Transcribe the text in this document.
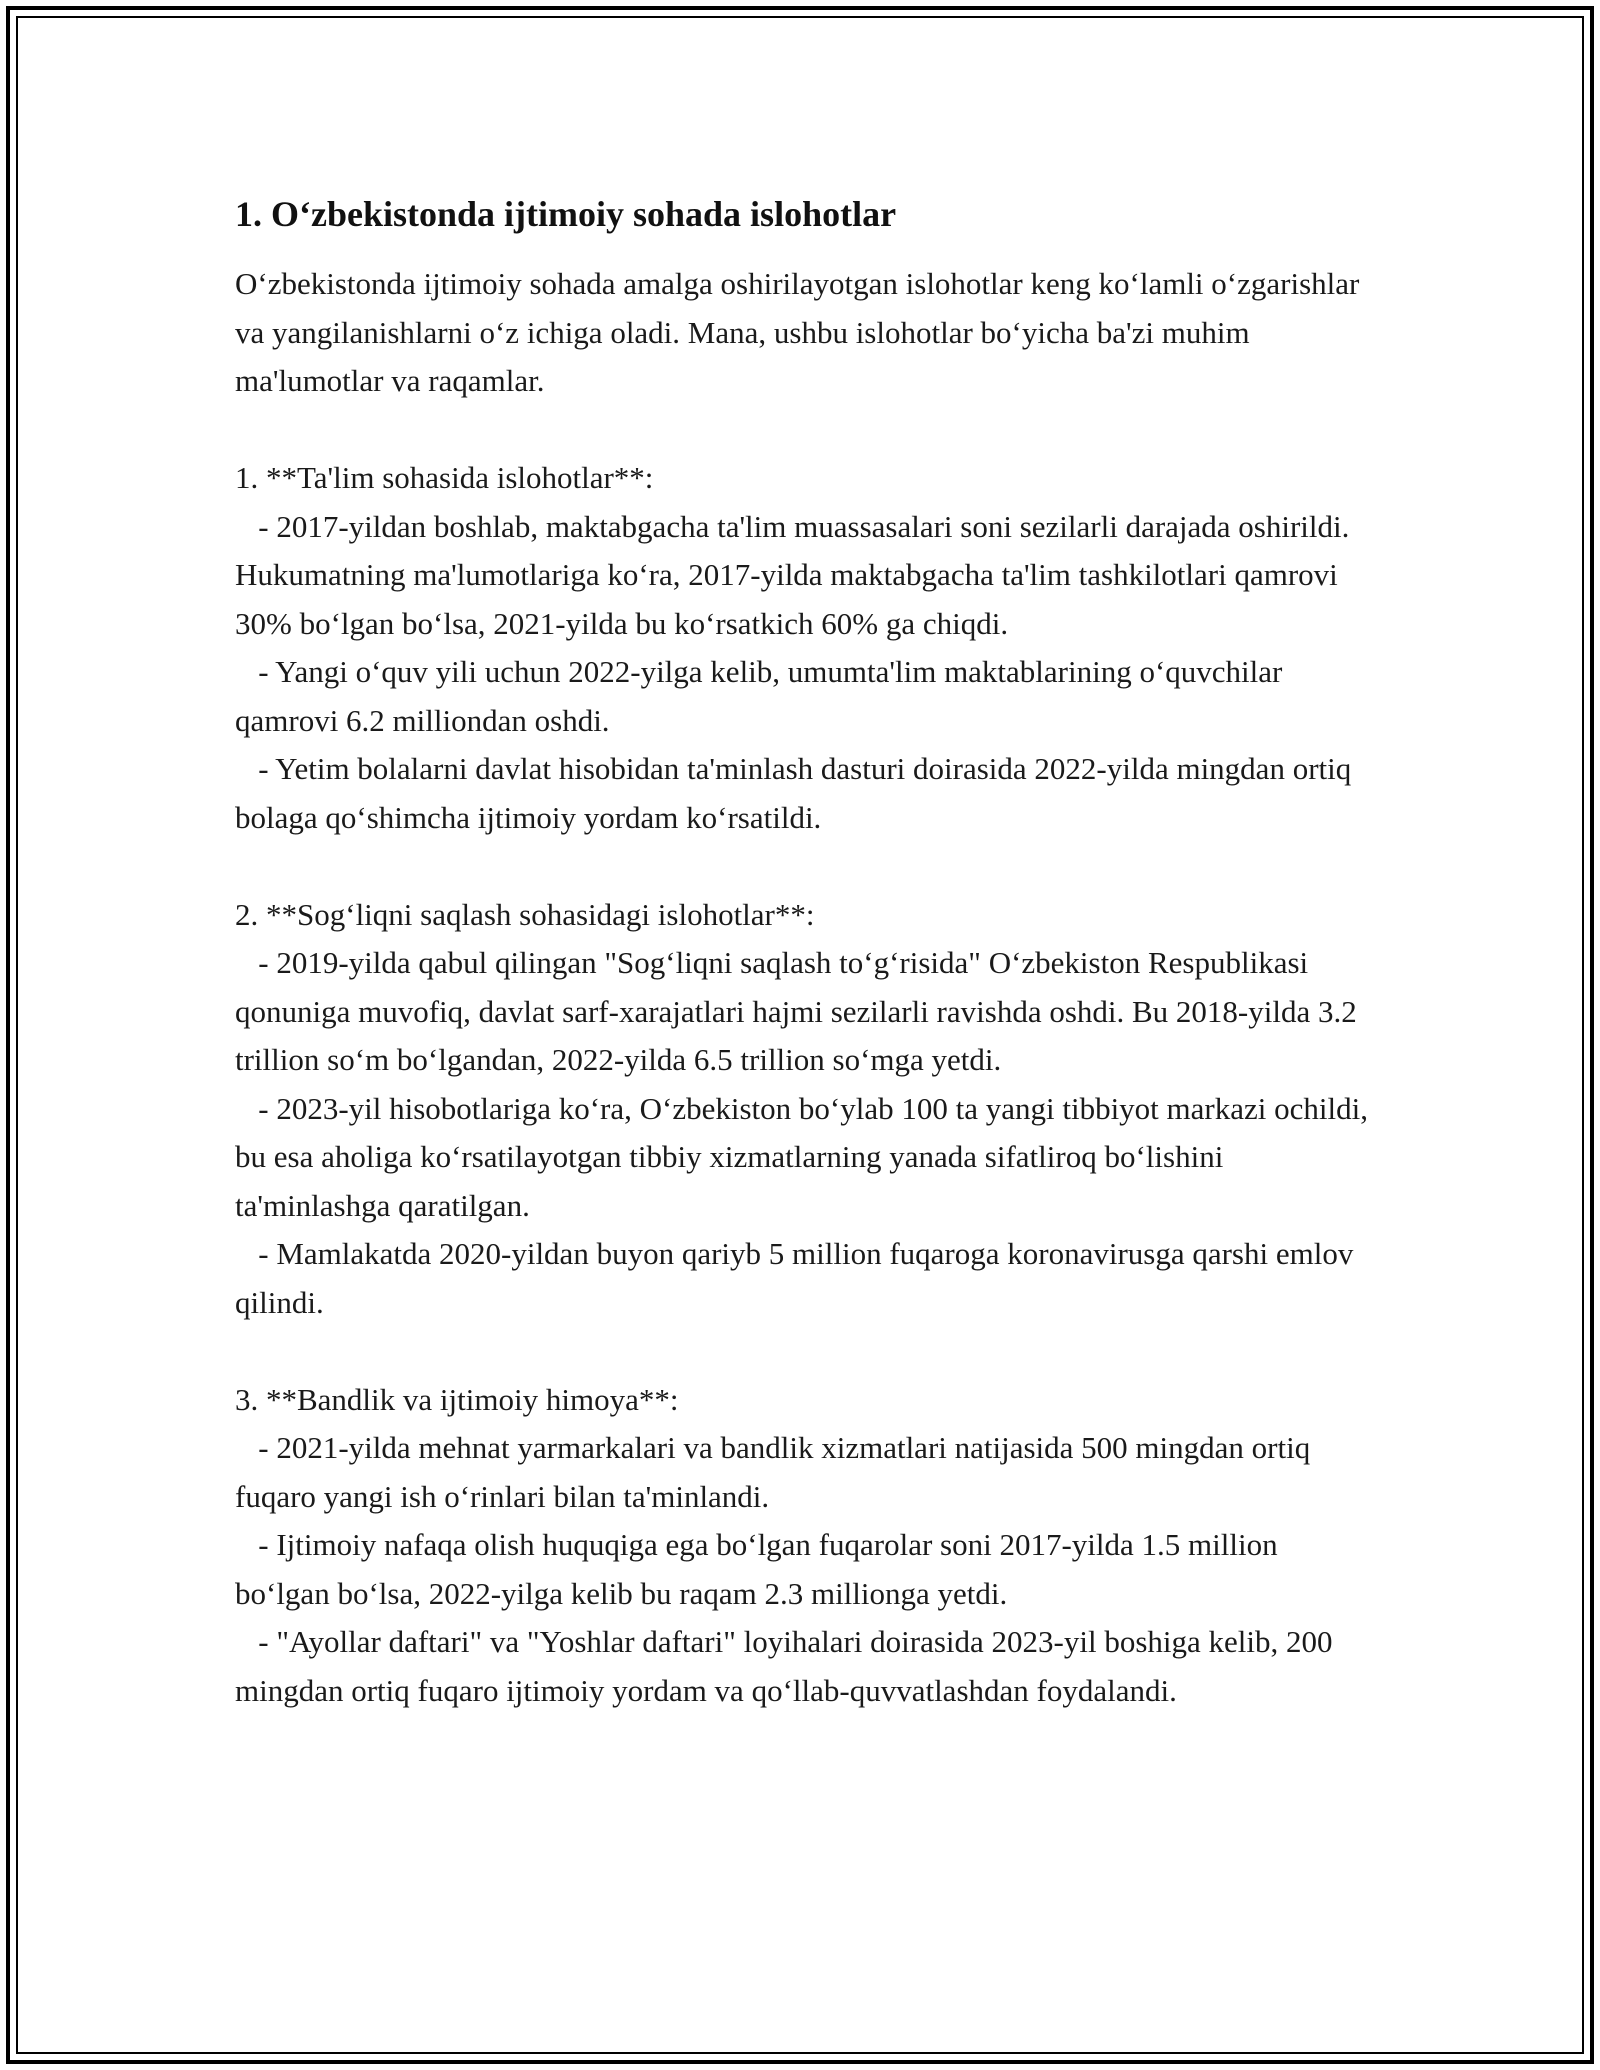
1. O‘zbekistonda ijtimoiy sohada islohotlar

O‘zbekistonda ijtimoiy sohada amalga oshirilayotgan islohotlar keng ko‘lamli o‘zgarishlar va yangilanishlarni o‘z ichiga oladi. Mana, ushbu islohotlar bo‘yicha ba'zi muhim ma'lumotlar va raqamlar.

1. **Ta'lim sohasida islohotlar**:

- 2017-yildan boshlab, maktabgacha ta'lim muassasalari soni sezilarli darajada oshirildi. Hukumatning ma'lumotlariga ko‘ra, 2017-yilda maktabgacha ta'lim tashkilotlari qamrovi 30% bo‘lgan bo‘lsa, 2021-yilda bu ko‘rsatkich 60% ga chiqdi.

- Yangi o‘quv yili uchun 2022-yilga kelib, umumta'lim maktablarining o‘quvchilar qamrovi 6.2 milliondan oshdi.

- Yetim bolalarni davlat hisobidan ta'minlash dasturi doirasida 2022-yilda mingdan ortiq bolaga qo‘shimcha ijtimoiy yordam ko‘rsatildi.

2. **Sog‘liqni saqlash sohasidagi islohotlar**:

- 2019-yilda qabul qilingan "Sog‘liqni saqlash to‘g‘risida" O‘zbekiston Respublikasi qonuniga muvofiq, davlat sarf-xarajatlari hajmi sezilarli ravishda oshdi. Bu 2018-yilda 3.2 trillion so‘m bo‘lgandan, 2022-yilda 6.5 trillion so‘mga yetdi.

- 2023-yil hisobotlariga ko‘ra, O‘zbekiston bo‘ylab 100 ta yangi tibbiyot markazi ochildi, bu esa aholiga ko‘rsatilayotgan tibbiy xizmatlarning yanada sifatliroq bo‘lishini ta'minlashga qaratilgan.

- Mamlakatda 2020-yildan buyon qariyb 5 million fuqaroga koronavirusga qarshi emlov qilindi.

3. **Bandlik va ijtimoiy himoya**:

- 2021-yilda mehnat yarmarkalari va bandlik xizmatlari natijasida 500 mingdan ortiq fuqaro yangi ish o‘rinlari bilan ta'minlandi.

- Ijtimoiy nafaqa olish huquqiga ega bo‘lgan fuqarolar soni 2017-yilda 1.5 million bo‘lgan bo‘lsa, 2022-yilga kelib bu raqam 2.3 millionga yetdi.

- "Ayollar daftari" va "Yoshlar daftari" loyihalari doirasida 2023-yil boshiga kelib, 200 mingdan ortiq fuqaro ijtimoiy yordam va qo‘llab-quvvatlashdan foydalandi.
